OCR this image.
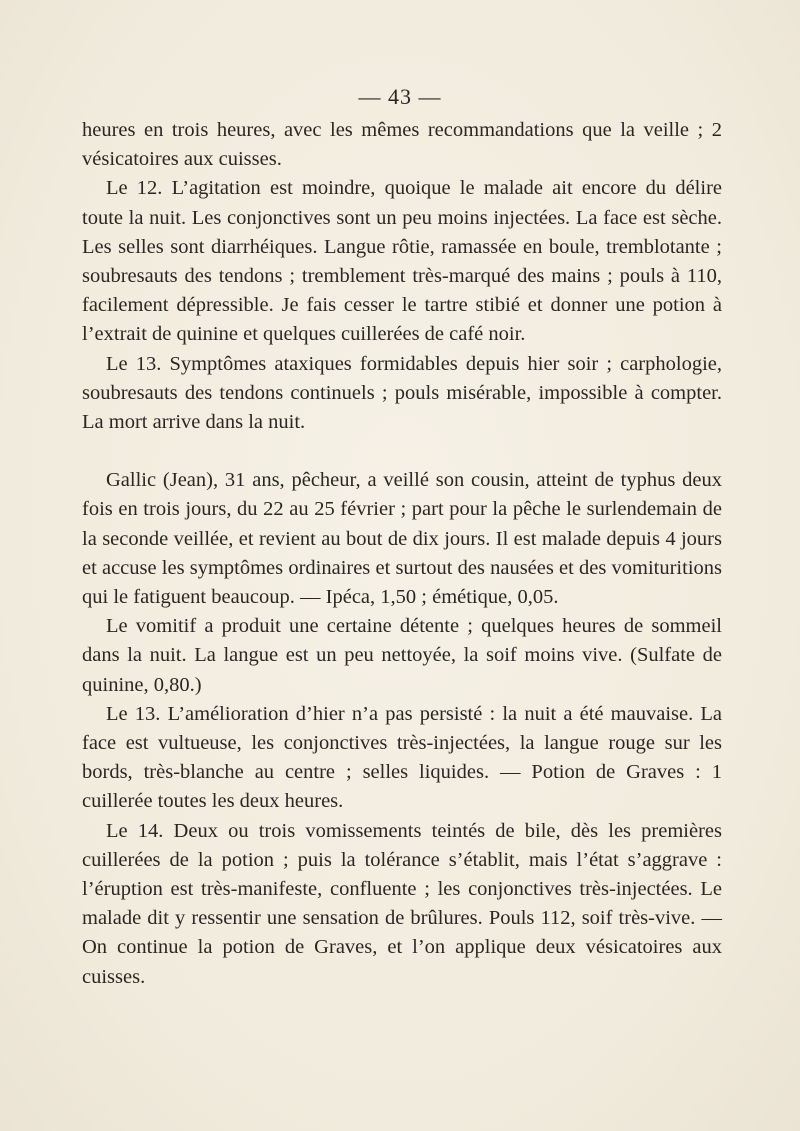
— 43 —

heures en trois heures, avec les mêmes recommandations que la veille ; 2 vésicatoires aux cuisses.

Le 12. L’agitation est moindre, quoique le malade ait encore du délire toute la nuit. Les conjonctives sont un peu moins injectées. La face est sèche. Les selles sont diarrhéiques. Langue rôtie, ramassée en boule, tremblotante ; soubresauts des tendons ; tremblement très-marqué des mains ; pouls à 110, facilement dépressible. Je fais cesser le tartre stibié et donner une potion à l’extrait de quinine et quelques cuillerées de café noir.

Le 13. Symptômes ataxiques formidables depuis hier soir ; carphologie, soubresauts des tendons continuels ; pouls misérable, impossible à compter. La mort arrive dans la nuit.

Gallic (Jean), 31 ans, pêcheur, a veillé son cousin, atteint de typhus deux fois en trois jours, du 22 au 25 février ; part pour la pêche le surlendemain de la seconde veillée, et revient au bout de dix jours. Il est malade depuis 4 jours et accuse les symptômes ordinaires et surtout des nausées et des vomituritions qui le fatiguent beaucoup. — Ipéca, 1,50 ; émétique, 0,05.

Le vomitif a produit une certaine détente ; quelques heures de sommeil dans la nuit. La langue est un peu nettoyée, la soif moins vive. (Sulfate de quinine, 0,80.)

Le 13. L’amélioration d’hier n’a pas persisté : la nuit a été mauvaise. La face est vultueuse, les conjonctives très-injectées, la langue rouge sur les bords, très-blanche au centre ; selles liquides. — Potion de Graves : 1 cuillerée toutes les deux heures.

Le 14. Deux ou trois vomissements teintés de bile, dès les premières cuillerées de la potion ; puis la tolérance s’établit, mais l’état s’aggrave : l’éruption est très-manifeste, confluente ; les conjonctives très-injectées. Le malade dit y ressentir une sensation de brûlures. Pouls 112, soif très-vive. — On continue la potion de Graves, et l’on applique deux vésicatoires aux cuisses.
